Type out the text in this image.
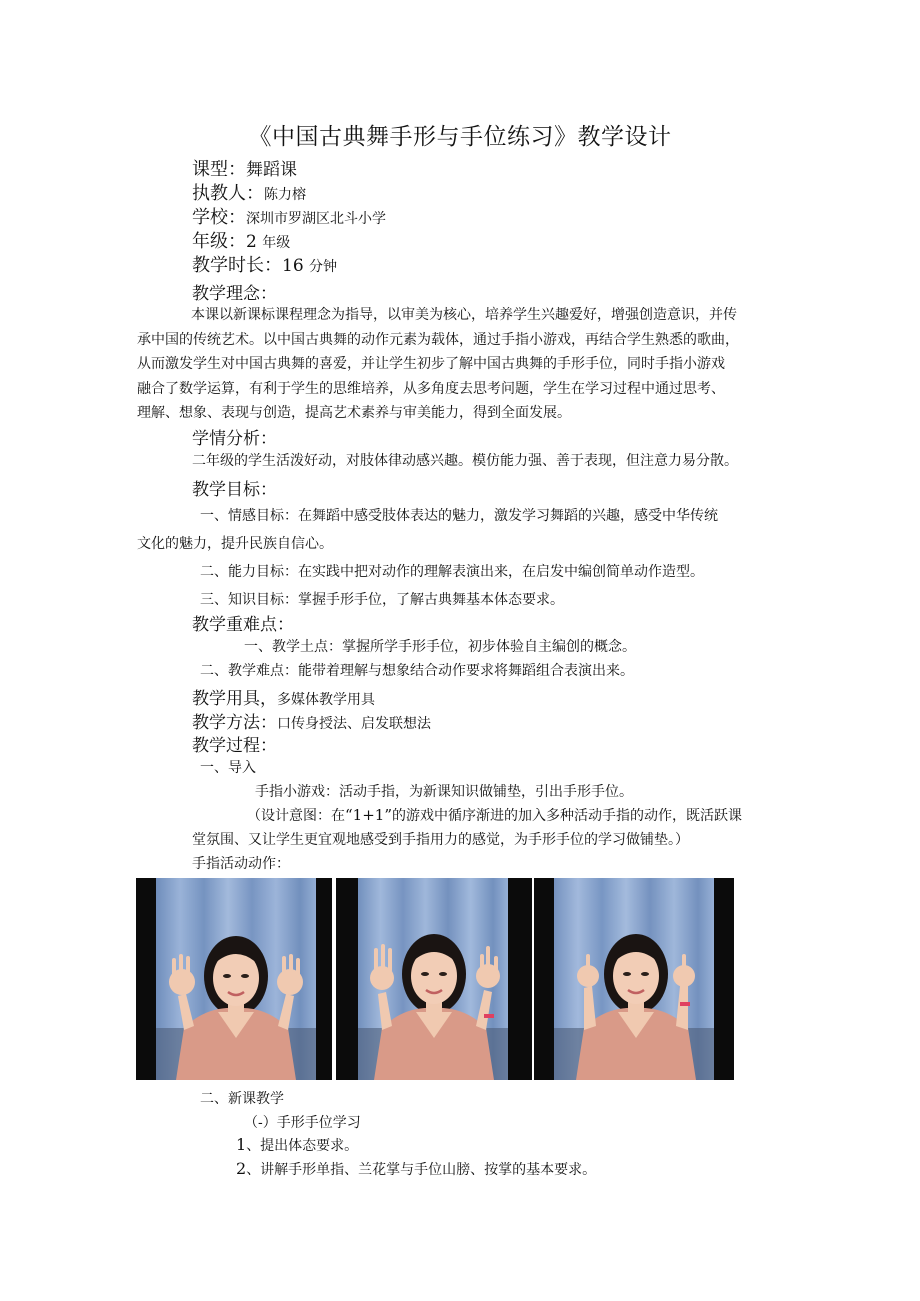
《中国古典舞手形与手位练习》教学设计
课型：舞蹈课
执教人：陈力榕
学校：深圳市罗湖区北斗小学
年级：2 年级
教学时长：16 分钟
教学理念：
本课以新课标课程理念为指导，以审美为核心，培养学生兴趣爱好，增强创造意识，并传
承中国的传统艺术。以中国古典舞的动作元素为载体，通过手指小游戏，再结合学生熟悉的歌曲，
从而激发学生对中国古典舞的喜爱，并让学生初步了解中国古典舞的手形手位，同时手指小游戏
融合了数学运算，有利于学生的思维培养，从多角度去思考问题，学生在学习过程中通过思考、
理解、想象、表现与创造，提高艺术素养与审美能力，得到全面发展。
学情分析：
二年级的学生活泼好动，对肢体律动感兴趣。模仿能力强、善于表现，但注意力易分散。
教学目标：
一、情感目标：在舞蹈中感受肢体表达的魅力，激发学习舞蹈的兴趣，感受中华传统
文化的魅力，提升民族自信心。
二、能力目标：在实践中把对动作的理解表演出来，在启发中编创简单动作造型。
三、知识目标：掌握手形手位，了解古典舞基本体态要求。
教学重难点：
一、教学土点：掌握所学手形手位，初步体验自主编创的概念。
二、教学难点：能带着理解与想象结合动作要求将舞蹈组合表演出来。
教学用具，多媒体教学用具
教学方法：口传身授法、启发联想法
教学过程：
一、导入
手指小游戏：活动手指，为新课知识做铺垫，引出手形手位。
（设计意图：在“1+1”的游戏中循序渐进的加入多种活动手指的动作，既活跃课
堂氛围、又让学生更宜观地感受到手指用力的感觉，为手形手位的学习做铺垫。）
手指活动动作：
二、新课教学
（-）手形手位学习
1、提出体态要求。
2、讲解手形单指、兰花掌与手位山膀、按掌的基本要求。
